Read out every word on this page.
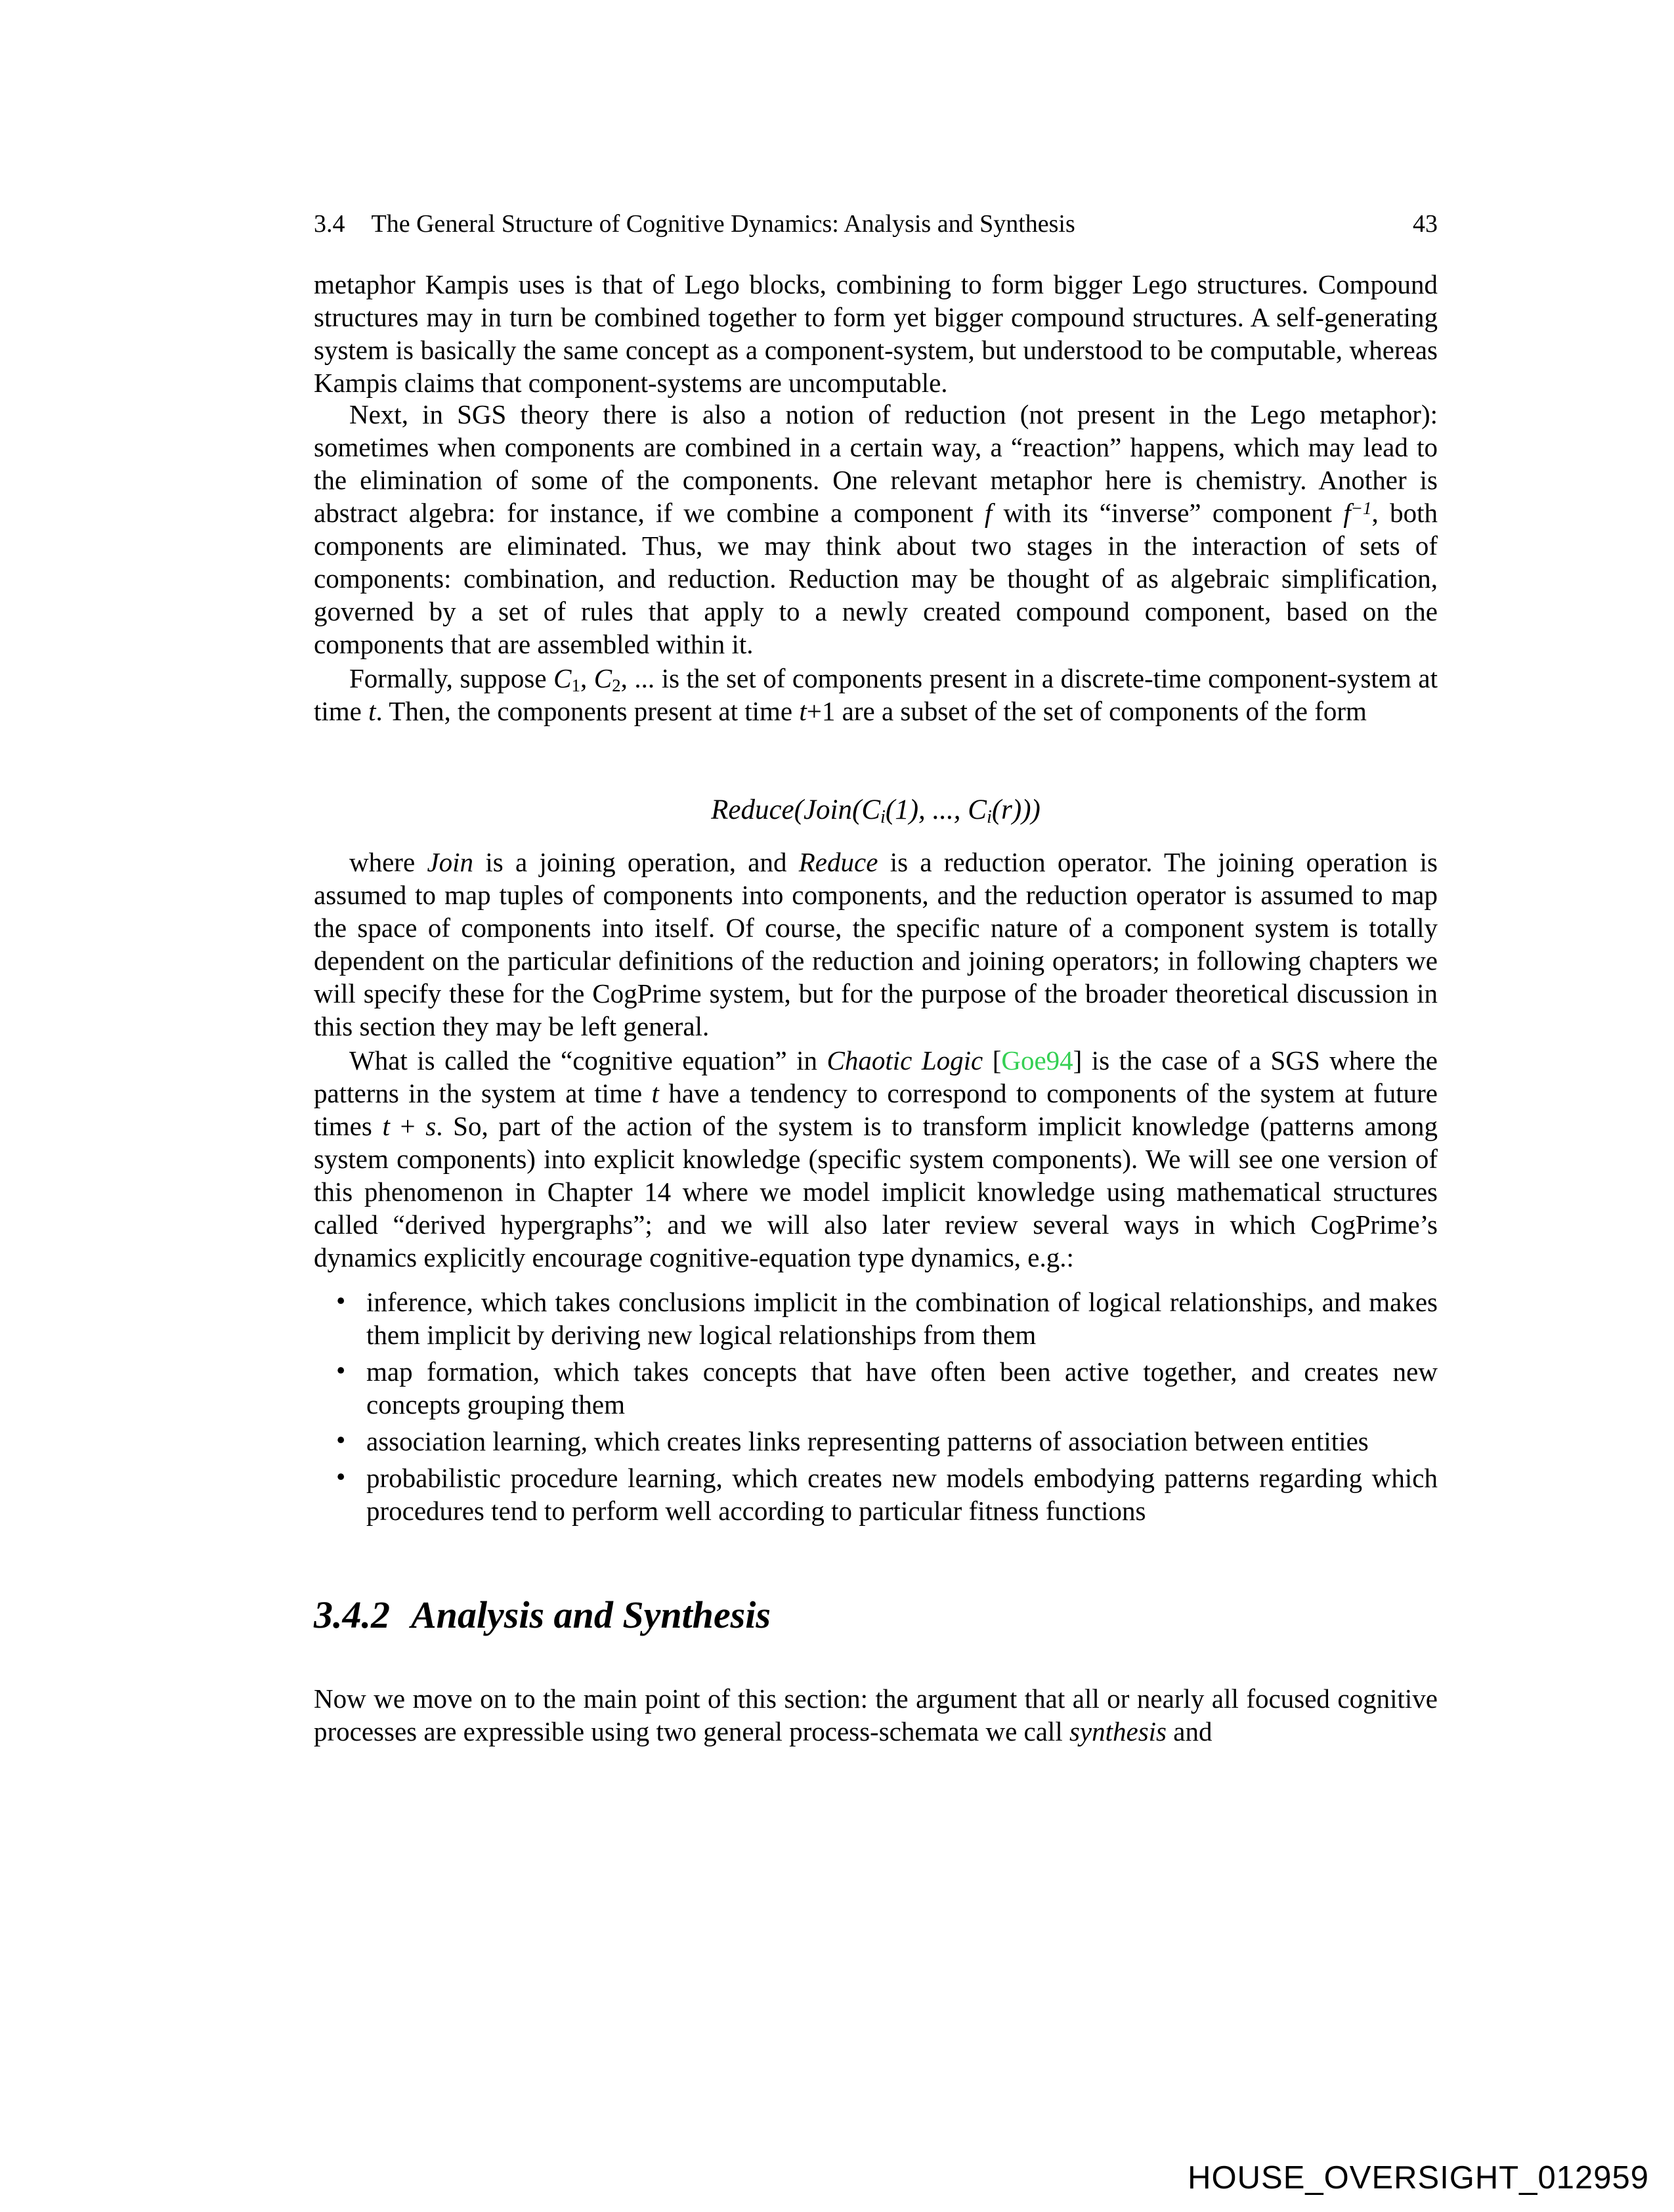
3.4 The General Structure of Cognitive Dynamics: Analysis and Synthesis	43

metaphor Kampis uses is that of Lego blocks, combining to form bigger Lego structures. Compound structures may in turn be combined together to form yet bigger compound structures. A self-generating system is basically the same concept as a component-system, but understood to be computable, whereas Kampis claims that component-systems are uncomputable.

Next, in SGS theory there is also a notion of reduction (not present in the Lego metaphor): sometimes when components are combined in a certain way, a “reaction” happens, which may lead to the elimination of some of the components. One relevant metaphor here is chemistry. Another is abstract algebra: for instance, if we combine a component f with its “inverse” component $f^{-1}$, both components are eliminated. Thus, we may think about two stages in the interaction of sets of components: combination, and reduction. Reduction may be thought of as algebraic simplification, governed by a set of rules that apply to a newly created compound component, based on the components that are assembled within it.

Formally, suppose $C_1$, $C_2$, ... is the set of components present in a discrete-time component-system at time t. Then, the components present at time t+1 are a subset of the set of components of the form

$Reduce(Join(C_i(1)$, ..., $C_i(r)$))

where Join is a joining operation, and Reduce is a reduction operator. The joining operation is assumed to map tuples of components into components, and the reduction operator is assumed to map the space of components into itself. Of course, the specific nature of a component system is totally dependent on the particular definitions of the reduction and joining operators; in following chapters we will specify these for the CogPrime system, but for the purpose of the broader theoretical discussion in this section they may be left general.

What is called the “cognitive equation” in Chaotic Logic [Goe94] is the case of a SGS where the patterns in the system at time t have a tendency to correspond to components of the system at future times t + s. So, part of the action of the system is to transform implicit knowledge (patterns among system components) into explicit knowledge (specific system components). We will see one version of this phenomenon in Chapter 14 where we model implicit knowledge using mathematical structures called “derived hypergraphs”; and we will also later review several ways in which CogPrime’s dynamics explicitly encourage cognitive-equation type dynamics, e.g.:

• inference, which takes conclusions implicit in the combination of logical relationships, and makes them implicit by deriving new logical relationships from them
• map formation, which takes concepts that have often been active together, and creates new concepts grouping them
• association learning, which creates links representing patterns of association between entities
• probabilistic procedure learning, which creates new models embodying patterns regarding which procedures tend to perform well according to particular fitness functions
3.4.2 Analysis and Synthesis

Now we move on to the main point of this section: the argument that all or nearly all focused cognitive processes are expressible using two general process-schemata we call synthesis and

HOUSE_OVERSIGHT_012959
